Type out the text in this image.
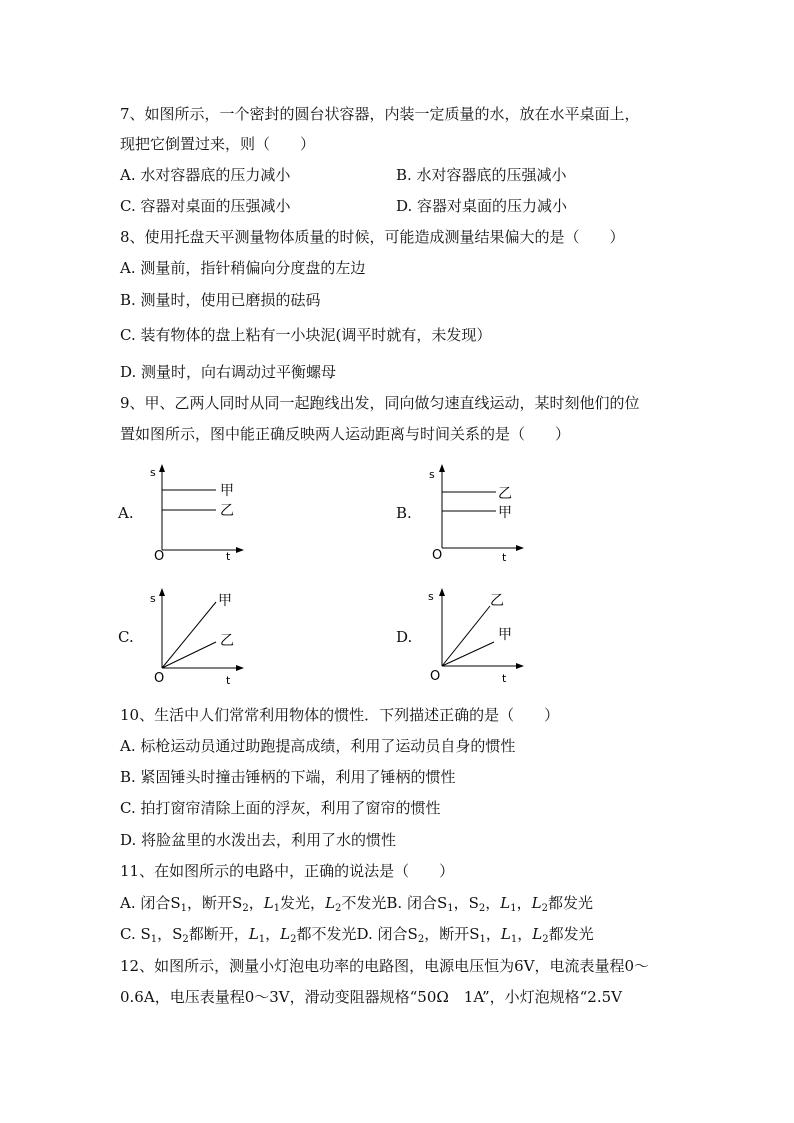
7、如图所示，一个密封的圆台状容器，内装一定质量的水，放在水平桌面上，
现把它倒置过来，则（　　）
A. 水对容器底的压力减小	B. 水对容器底的压强减小
C. 容器对桌面的压强减小	D. 容器对桌面的压力减小
8、使用托盘天平测量物体质量的时候，可能造成测量结果偏大的是（　　）
A. 测量前，指针稍偏向分度盘的左边
B. 测量时，使用已磨损的砝码
C. 装有物体的盘上粘有一小块泥(调平时就有，未发现）
D. 测量时，向右调动过平衡螺母
9、甲、乙两人同时从同一起跑线出发，同向做匀速直线运动，某时刻他们的位
置如图所示，图中能正确反映两人运动距离与时间关系的是（　　）
A.
s
t
O
甲
乙	B.
s
t
O
乙
甲
C.
s
t
O
甲
乙	D.
s
t
O
乙
甲
10、生活中人们常常利用物体的惯性．下列描述正确的是（　　）
A. 标枪运动员通过助跑提高成绩，利用了运动员自身的惯性
B. 紧固锤头时撞击锤柄的下端，利用了锤柄的惯性
C. 拍打窗帘清除上面的浮灰，利用了窗帘的惯性
D. 将脸盆里的水泼出去，利用了水的惯性
11、在如图所示的电路中，正确的说法是（　　）
A. 闭合$S_1$，断开$S_2$，$L_1$发光，$L_2$不发光B. 闭合$S_1$，$S_2$，$L_1$，$L_2$都发光
C. $S_1$，$S_2$都断开，$L_1$，$L_2$都不发光D. 闭合$S_2$，断开$S_1$，$L_1$，$L_2$都发光
12、如图所示，测量小灯泡电功率的电路图，电源电压恒为6V，电流表量程0～
0.6A，电压表量程0～3V，滑动变阻器规格“50Ω　1A”，小灯泡规格“2.5V
